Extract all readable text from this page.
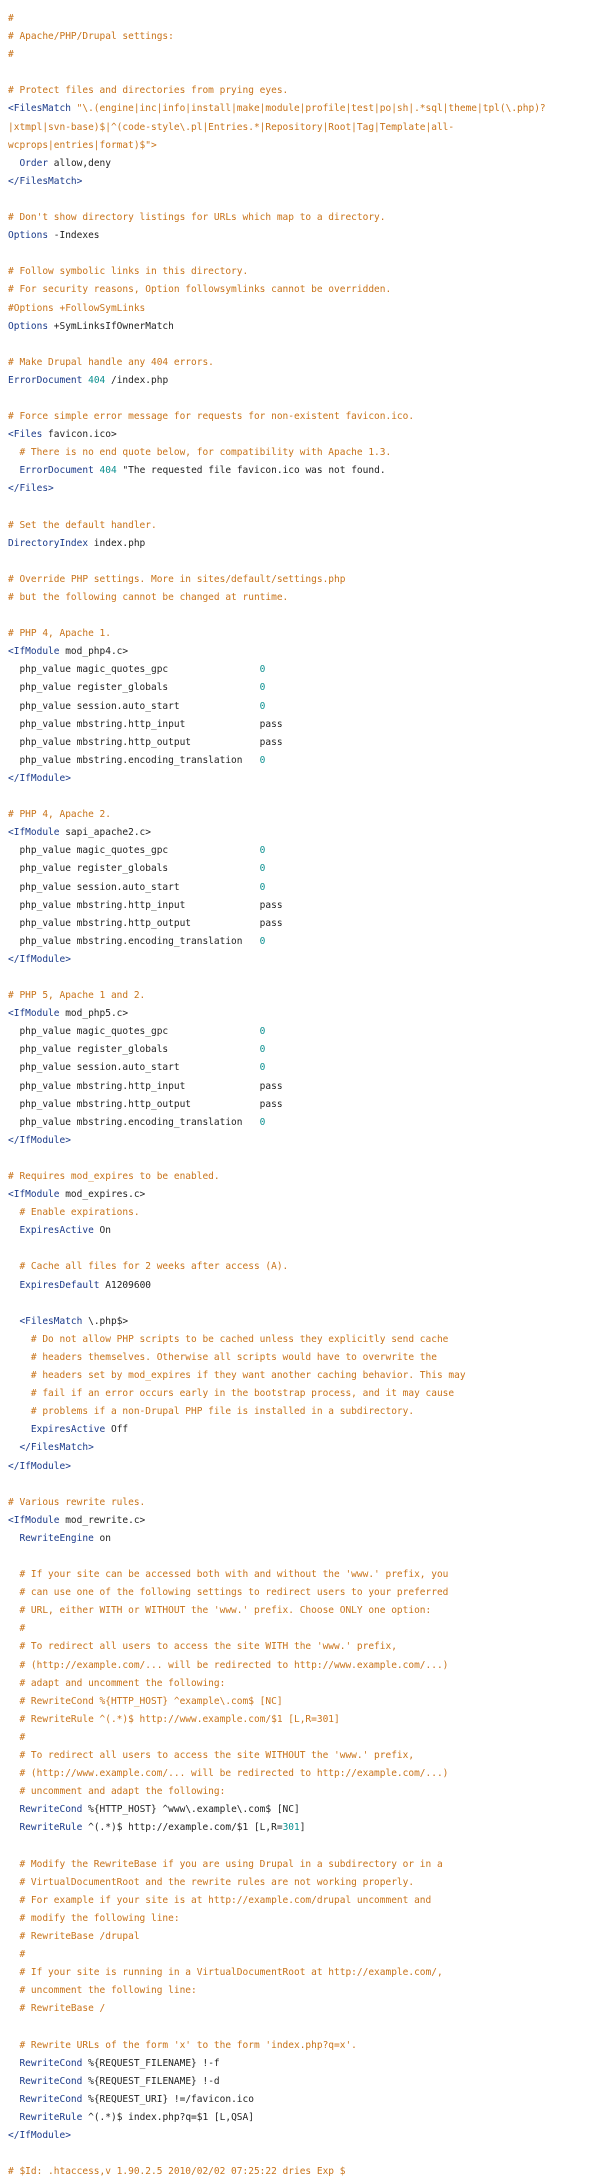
#
# Apache/PHP/Drupal settings:
#

# Protect files and directories from prying eyes.
<FilesMatch "\.(engine|inc|info|install|make|module|profile|test|po|sh|.*sql|theme|tpl(\.php)?
|xtmpl|svn-base)$|^(code-style\.pl|Entries.*|Repository|Root|Tag|Template|all-
wcprops|entries|format)$">
Order allow,deny
</FilesMatch>

# Don't show directory listings for URLs which map to a directory.
Options -Indexes

# Follow symbolic links in this directory.
# For security reasons, Option followsymlinks cannot be overridden.
#Options +FollowSymLinks
Options +SymLinksIfOwnerMatch

# Make Drupal handle any 404 errors.
ErrorDocument 404 /index.php

# Force simple error message for requests for non-existent favicon.ico.
<Files favicon.ico>
# There is no end quote below, for compatibility with Apache 1.3.
ErrorDocument 404 "The requested file favicon.ico was not found.
</Files>

# Set the default handler.
DirectoryIndex index.php

# Override PHP settings. More in sites/default/settings.php
# but the following cannot be changed at runtime.

# PHP 4, Apache 1.
<IfModule mod_php4.c>
php_value magic_quotes_gpc                0
php_value register_globals                0
php_value session.auto_start              0
php_value mbstring.http_input             pass
php_value mbstring.http_output            pass
php_value mbstring.encoding_translation   0
</IfModule>

# PHP 4, Apache 2.
<IfModule sapi_apache2.c>
php_value magic_quotes_gpc                0
php_value register_globals                0
php_value session.auto_start              0
php_value mbstring.http_input             pass
php_value mbstring.http_output            pass
php_value mbstring.encoding_translation   0
</IfModule>

# PHP 5, Apache 1 and 2.
<IfModule mod_php5.c>
php_value magic_quotes_gpc                0
php_value register_globals                0
php_value session.auto_start              0
php_value mbstring.http_input             pass
php_value mbstring.http_output            pass
php_value mbstring.encoding_translation   0
</IfModule>

# Requires mod_expires to be enabled.
<IfModule mod_expires.c>
# Enable expirations.
ExpiresActive On

# Cache all files for 2 weeks after access (A).
ExpiresDefault A1209600

<FilesMatch \.php$>
# Do not allow PHP scripts to be cached unless they explicitly send cache
# headers themselves. Otherwise all scripts would have to overwrite the
# headers set by mod_expires if they want another caching behavior. This may
# fail if an error occurs early in the bootstrap process, and it may cause
# problems if a non-Drupal PHP file is installed in a subdirectory.
ExpiresActive Off
</FilesMatch>
</IfModule>

# Various rewrite rules.
<IfModule mod_rewrite.c>
RewriteEngine on

# If your site can be accessed both with and without the 'www.' prefix, you
# can use one of the following settings to redirect users to your preferred
# URL, either WITH or WITHOUT the 'www.' prefix. Choose ONLY one option:
#
# To redirect all users to access the site WITH the 'www.' prefix,
# (http://example.com/... will be redirected to http://www.example.com/...)
# adapt and uncomment the following:
# RewriteCond %{HTTP_HOST} ^example\.com$ [NC]
# RewriteRule ^(.*)$ http://www.example.com/$1 [L,R=301]
#
# To redirect all users to access the site WITHOUT the 'www.' prefix,
# (http://www.example.com/... will be redirected to http://example.com/...)
# uncomment and adapt the following:
RewriteCond %{HTTP_HOST} ^www\.example\.com$ [NC]
RewriteRule ^(.*)$ http://example.com/$1 [L,R=301]

# Modify the RewriteBase if you are using Drupal in a subdirectory or in a
# VirtualDocumentRoot and the rewrite rules are not working properly.
# For example if your site is at http://example.com/drupal uncomment and
# modify the following line:
# RewriteBase /drupal
#
# If your site is running in a VirtualDocumentRoot at http://example.com/,
# uncomment the following line:
# RewriteBase /

# Rewrite URLs of the form 'x' to the form 'index.php?q=x'.
RewriteCond %{REQUEST_FILENAME} !-f
RewriteCond %{REQUEST_FILENAME} !-d
RewriteCond %{REQUEST_URI} !=/favicon.ico
RewriteRule ^(.*)$ index.php?q=$1 [L,QSA]
</IfModule>

# $Id: .htaccess,v 1.90.2.5 2010/02/02 07:25:22 dries Exp $
